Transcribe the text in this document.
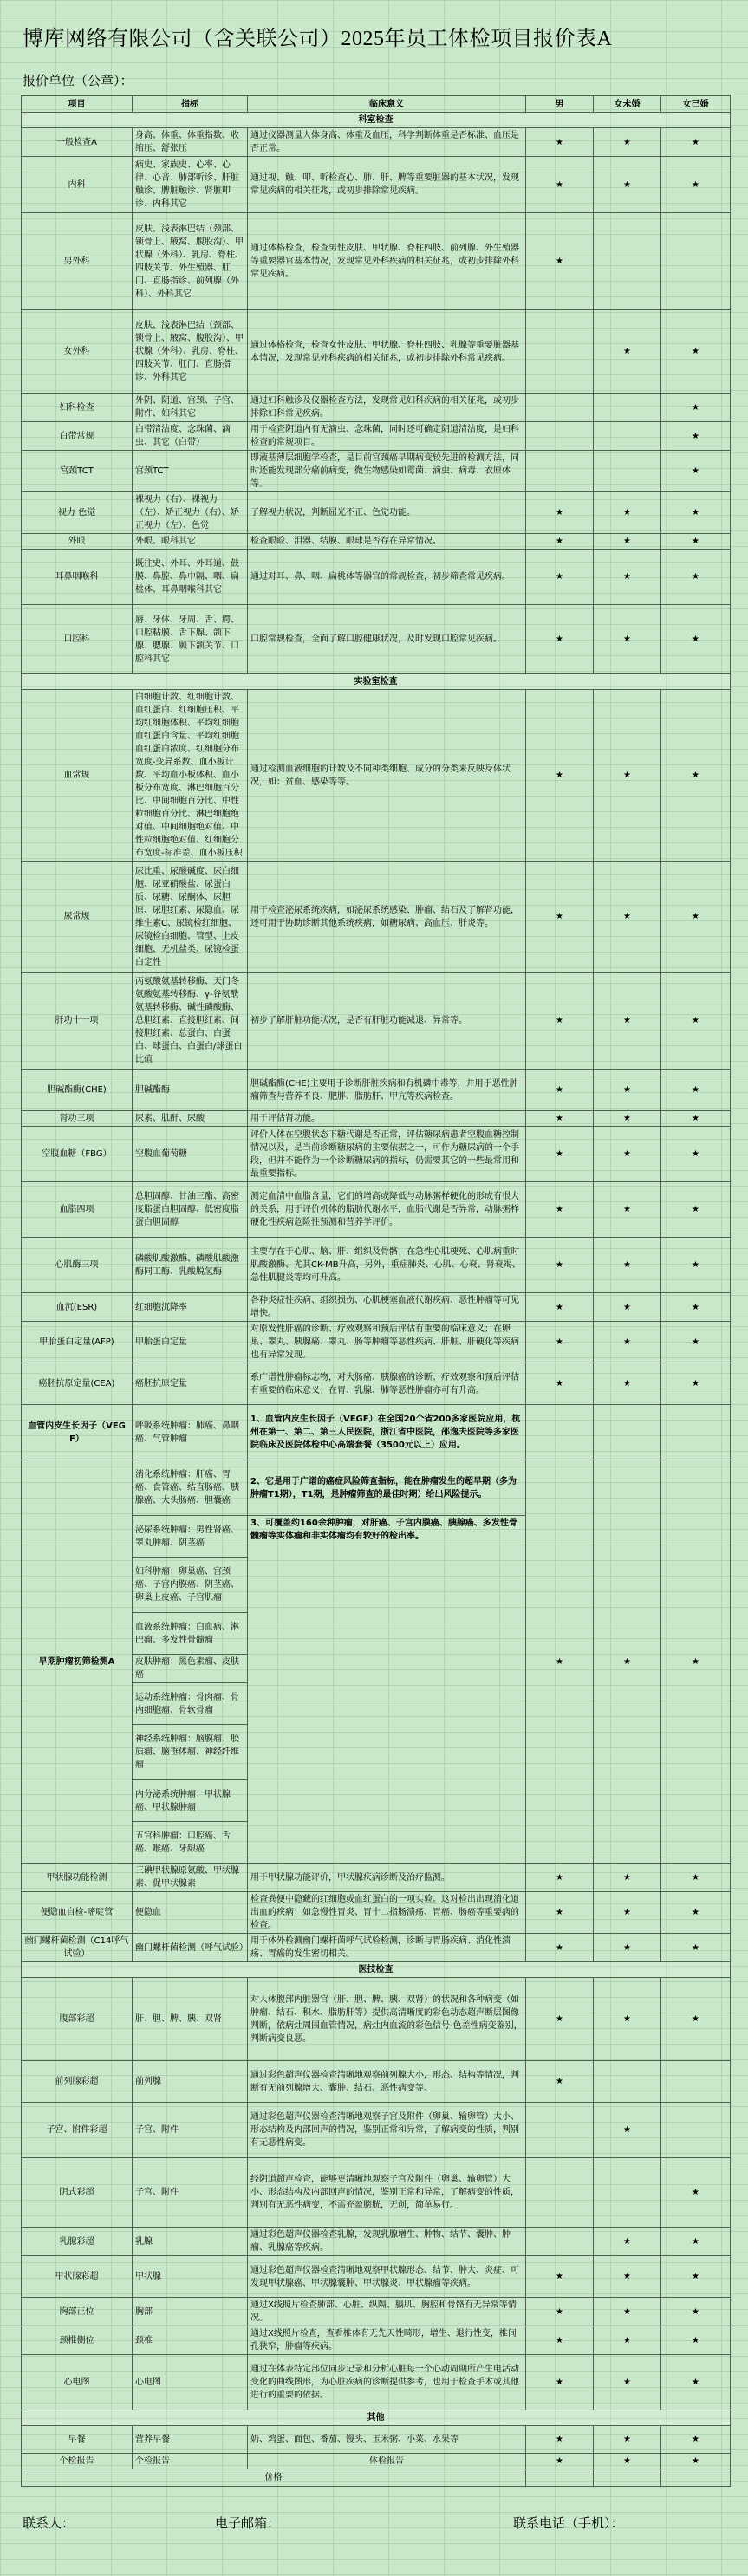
博库网络有限公司（含关联公司）2025年员工体检项目报价表A
报价单位（公章）：
项目	指标	临床意义	男	女未婚	女已婚
科室检查					
一般检查A	身高、体重、体重指数、收缩压、舒张压	通过仪器测量人体身高、体重及血压，科学判断体重是否标准、血压是否正常。	★	★	★
内科	病史、家族史、心率、心律、心音、肺部听诊、肝脏触诊、脾脏触诊、肾脏叩诊、内科其它	通过视、触、叩、听检查心、肺、肝、脾等重要脏器的基本状况，发现常见疾病的相关征兆，或初步排除常见疾病。	★	★	★
男外科	皮肤、浅表淋巴结（颈部、锁骨上、腋窝、腹股沟）、甲状腺（外科）、乳房、脊柱、四肢关节、外生殖器、肛门、直肠指诊、前列腺（外科）、外科其它	通过体格检查，检查男性皮肤、甲状腺、脊柱四肢、前列腺、外生殖器等重要器官基本情况，发现常见外科疾病的相关征兆，或初步排除外科常见疾病。	★		
女外科	皮肤、浅表淋巴结（颈部、锁骨上、腋窝、腹股沟）、甲状腺（外科）、乳房、脊柱、四肢关节、肛门、直肠指诊、外科其它	通过体格检查，检查女性皮肤、甲状腺、脊柱四肢、乳腺等重要脏器基本情况，发现常见外科疾病的相关征兆，或初步排除外科常见疾病。		★	★
妇科检查	外阴、阴道、宫颈、子宫、附件、妇科其它	通过妇科触诊及仪器检查方法，发现常见妇科疾病的相关征兆，或初步排除妇科常见疾病。			★
白带常规	白带清洁度、念珠菌、滴虫、其它（白带）	用于检查阴道内有无滴虫、念珠菌，同时还可确定阴道清洁度，是妇科检查的常规项目。			★
宫颈TCT	宫颈TCT	即液基薄层细胞学检查，是目前宫颈癌早期病变较先进的检测方法，同时还能发现部分癌前病变，微生物感染如霉菌、滴虫、病毒、衣原体等。			★
视力 色觉	裸视力（右）、裸视力（左）、矫正视力（右）、矫正视力（左）、色觉	了解视力状况，判断屈光不正、色觉功能。	★	★	★
外眼	外眼、眼科其它	检查眼睑、泪器、结膜、眼球是否存在异常情况。	★	★	★
耳鼻咽喉科	既往史、外耳、外耳道、鼓膜、鼻腔、鼻中隔、咽、扁桃体、耳鼻咽喉科其它	通过对耳、鼻、咽、扁桃体等器官的常规检查，初步筛查常见疾病。	★	★	★
口腔科	唇、牙体、牙周、舌、腭、口腔粘膜、舌下腺、颌下腺、腮腺、颞下颌关节、口腔科其它	口腔常规检查，全面了解口腔健康状况，及时发现口腔常见疾病。	★	★	★
实验室检查					
血常规	白细胞计数、红细胞计数、血红蛋白、红细胞压积、平均红细胞体积、平均红细胞血红蛋白含量、平均红细胞血红蛋白浓度、红细胞分布宽度-变异系数、血小板计数、平均血小板体积、血小板分布宽度、淋巴细胞百分比、中间细胞百分比、中性粒细胞百分比、淋巴细胞绝对值、中间细胞绝对值、中性粒细胞绝对值、红细胞分布宽度-标准差、血小板压积	通过检测血液细胞的计数及不同种类细胞、成分的分类来反映身体状况，如：贫血、感染等等。	★	★	★
尿常规	尿比重、尿酸碱度、尿白细胞、尿亚硝酸盐、尿蛋白质、尿糖、尿酮体、尿胆原、尿胆红素、尿隐血、尿维生素C、尿镜检红细胞、尿镜检白细胞、管型、上皮细胞、无机盐类、尿镜检蛋白定性	用于检查泌尿系统疾病，如泌尿系统感染、肿瘤、结石及了解肾功能，还可用于协助诊断其他系统疾病，如糖尿病、高血压、肝炎等。	★	★	★
肝功十一项	丙氨酸氨基转移酶、天门冬氨酸氨基转移酶、γ-谷氨酰氨基转移酶、碱性磷酸酶、总胆红素、直接胆红素、间接胆红素、总蛋白、白蛋白、球蛋白、白蛋白/球蛋白比值	初步了解肝脏功能状况，是否有肝脏功能减退、异常等。	★	★	★
胆碱酯酶(CHE)	胆碱酯酶	胆碱酯酶(CHE)主要用于诊断肝脏疾病和有机磷中毒等，并用于恶性肿瘤筛查与营养不良、肥胖、脂肪肝、甲亢等疾病检查。	★	★	★
肾功三项	尿素、肌酐、尿酸	用于评估肾功能。	★	★	★
空腹血糖（FBG）	空腹血葡萄糖	评价人体在空腹状态下糖代谢是否正常，评估糖尿病患者空腹血糖控制情况以及，是当前诊断糖尿病的主要依据之一，可作为糖尿病的一个手段，但并不能作为一个诊断糖尿病的指标，仍需要其它的一些最常用和最重要指标。	★	★	★
血脂四项	总胆固醇、甘油三酯、高密度脂蛋白胆固醇、低密度脂蛋白胆固醇	测定血清中血脂含量，它们的增高或降低与动脉粥样硬化的形成有很大的关系，用于评价机体的脂肪代谢水平，血脂代谢是否异常，动脉粥样硬化性疾病危险性预测和营养学评价。	★	★	★
心肌酶三项	磷酸肌酸激酶、磷酸肌酸激酶同工酶、乳酸脱氢酶	主要存在于心肌、脑、肝、组织及骨骼；在急性心肌梗死、心肌病重时肌酸激酶、尤其CK-MB升高，另外，重症肺炎、心肌、心衰、肾衰竭、急性肌腱炎等均可升高。	★	★	★
血沉(ESR)	红细胞沉降率	各种炎症性疾病、组织损伤、心肌梗塞血液代谢疾病、恶性肿瘤等可见增快。	★	★	★
甲胎蛋白定量(AFP)	甲胎蛋白定量	对原发性肝癌的诊断、疗效观察和预后评估有重要的临床意义；在卵巢、睾丸、胰腺癌、睾丸、肠等肿瘤等恶性疾病、肝脏、肝硬化等疾病也有异常发现。	★	★	★
癌胚抗原定量(CEA)	癌胚抗原定量	系广谱性肿瘤标志物，对大肠癌、胰腺癌的诊断、疗效观察和预后评估有重要的临床意义；在胃、乳腺、肺等恶性肿瘤亦可有升高。	★	★	★
血管内皮生长因子（VEGF）	呼吸系统肿瘤：肺癌、鼻咽癌、气管肿瘤	1、血管内皮生长因子（VEGF）在全国20个省200多家医院应用，杭州在第一、第二、第三人民医院，浙江省中医院，邵逸夫医院等多家医院临床及医院体检中心高端套餐（3500元以上）应用。			
早期肿瘤初筛检测A	消化系统肿瘤：肝癌、胃癌、食管癌、结直肠癌、胰腺癌、大头肠癌、胆囊癌	2、它是用于广谱的癌症风险筛查指标，能在肿瘤发生的超早期（多为肿瘤T1期），T1期，是肿瘤筛查的最佳时期）给出风险提示。	★	★	★
	泌尿系统肿瘤：男性肾癌、睾丸肿瘤、阴茎癌	3、可覆盖约160余种肿瘤，对肝癌、子宫内膜癌、胰腺癌、多发性骨髓瘤等实体瘤和非实体瘤均有较好的检出率。			
	妇科肿瘤：卵巢癌、宫颈癌、子宫内膜癌、阴茎癌、卵巢上皮癌、子宫肌瘤				
	血液系统肿瘤：白血病、淋巴瘤、多发性骨髓瘤				
	皮肤肿瘤：黑色素瘤、皮肤癌				
	运动系统肿瘤：骨肉瘤、骨内细胞瘤、骨软骨瘤				
	神经系统肿瘤：脑膜瘤、胶质瘤、脑垂体瘤、神经纤维瘤				
	内分泌系统肿瘤：甲状腺癌、甲状腺肿瘤				
	五官科肿瘤：口腔癌、舌癌、喉癌、牙龈癌				
甲状腺功能检测	三碘甲状腺原氨酸、甲状腺素、促甲状腺素	用于甲状腺功能评价，甲状腺疾病诊断及治疗监测。	★	★	★
便隐血自检-嘧啶管	便隐血	检查粪便中隐藏的红细胞或血红蛋白的一项实验。这对检出出现消化道出血的疾病：如急慢性胃炎、胃十二指肠溃疡、胃癌、肠癌等重要病的检查。	★	★	★
幽门螺杆菌检测（C14呼气试验）	幽门螺杆菌检测（呼气试验）	用于体外检测幽门螺杆菌呼气试验检测，诊断与胃肠疾病、消化性溃疡、胃癌的发生密切相关。	★	★	★
医技检查					
腹部彩超	肝、胆、脾、胰、双肾	对人体腹部内脏器官（肝、胆、脾、胰、双肾）的状况和各种病变（如肿瘤、结石、积水、脂肪肝等）提供高清晰度的彩色动态超声断层图像判断，依病灶周围血管情况，病灶内血流的彩色信号-色差性病变鉴别，判断病变良恶。	★	★	★
前列腺彩超	前列腺	通过彩色超声仪器检查清晰地观察前列腺大小，形态、结构等情况，判断有无前列腺增大、囊肿、结石、恶性病变等。	★		
子宫、附件彩超	子宫、附件	通过彩色超声仪器检查清晰地观察子宫及附件（卵巢、输卵管）大小、形态结构及内部回声的情况，鉴别正常和异常，了解病变的性质，判别有无恶性病变。		★	
阴式彩超	子宫、附件	经阴道超声检查，能够更清晰地观察子宫及附件（卵巢、输卵管）大小、形态结构及内部回声的情况，鉴别正常和异常，了解病变的性质，判别有无恶性病变，不需充盈膀胱，无创，简单易行。			★
乳腺彩超	乳腺	通过彩色超声仪器检查乳腺，发现乳腺增生、肿物、结节、囊肿、肿瘤、乳腺癌等疾病。		★	★
甲状腺彩超	甲状腺	通过彩色超声仪器检查清晰地观察甲状腺形态、结节、肿大、炎症、可发现甲状腺癌、甲状腺囊肿、甲状腺炎、甲状腺瘤等疾病。	★	★	★
胸部正位	胸部	通过X线照片检查肺部、心脏、纵隔、膈肌、胸腔和骨骼有无异常等情况。	★	★	★
颈椎侧位	颈椎	通过X线照片检查，查看椎体有无先天性畸形，增生、退行性变，椎间孔狭窄，肿瘤等疾病。	★	★	★
心电图	心电图	通过在体表特定部位同步记录和分析心脏每一个心动周期所产生电活动变化的曲线图形，为心脏疾病的诊断提供参考，也用于检查手术或其他进行的重要的依据。	★	★	★
其他					
早餐	营养早餐	奶、鸡蛋、面包、番茄、馒头、玉米粥、小菜、水果等	★	★	★
个检报告	个检报告	体检报告	★	★	★
价格					
联系人：	电子邮箱：	联系电话（手机）：
